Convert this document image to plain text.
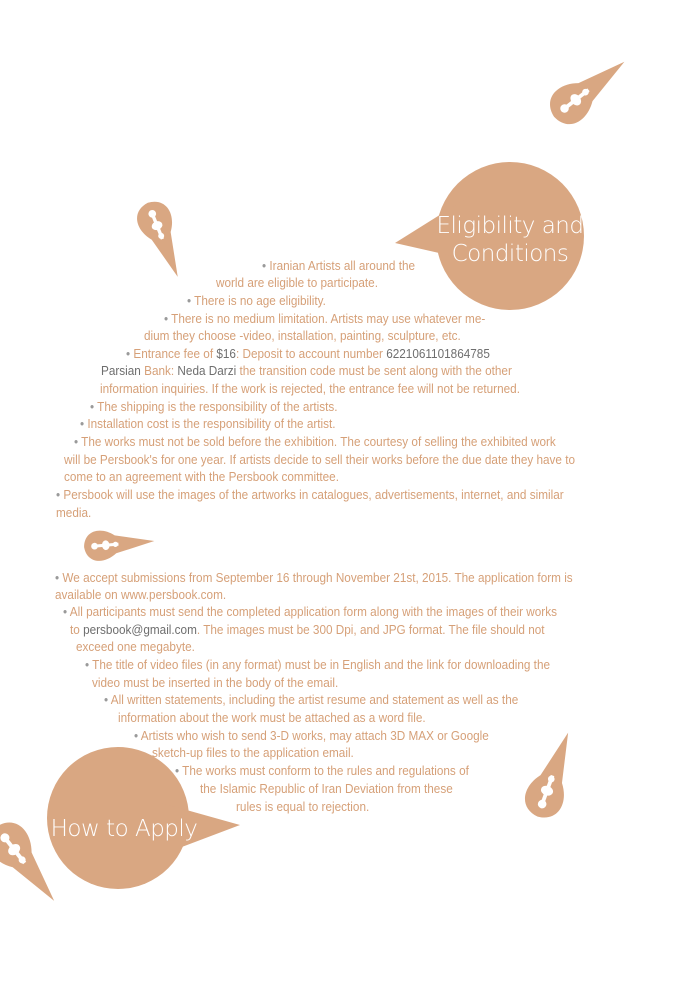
Eligibility and
Conditions
How to Apply
• Iranian Artists all around the
world are eligible to participate.
• There is no age eligibility.
• There is no medium limitation. Artists may use whatever me-
dium they choose -video, installation, painting, sculpture, etc.
• Entrance fee of $16: Deposit to account number 6221061101864785
Parsian Bank: Neda Darzi the transition code must be sent along with the other
information inquiries. If the work is rejected, the entrance fee will not be returned.
• The shipping is the responsibility of the artists.
• Installation cost is the responsibility of the artist.
• The works must not be sold before the exhibition. The courtesy of selling the exhibited work
will be Persbook's for one year. If artists decide to sell their works before the due date they have to
come to an agreement with the Persbook committee.
• Persbook will use the images of the artworks in catalogues, advertisements, internet, and similar
media.
• We accept submissions from September 16 through November 21st, 2015. The application form is
available on www.persbook.com.
• All participants must send the completed application form along with the images of their works
to persbook@gmail.com. The images must be 300 Dpi, and JPG format. The file should not
exceed one megabyte.
• The title of video files (in any format) must be in English and the link for downloading the
video must be inserted in the body of the email.
• All written statements, including the artist resume and statement as well as the
information about the work must be attached as a word file.
• Artists who wish to send 3-D works, may attach 3D MAX or Google
sketch-up files to the application email.
• The works must conform to the rules and regulations of
the Islamic Republic of Iran Deviation from these
rules is equal to rejection.
